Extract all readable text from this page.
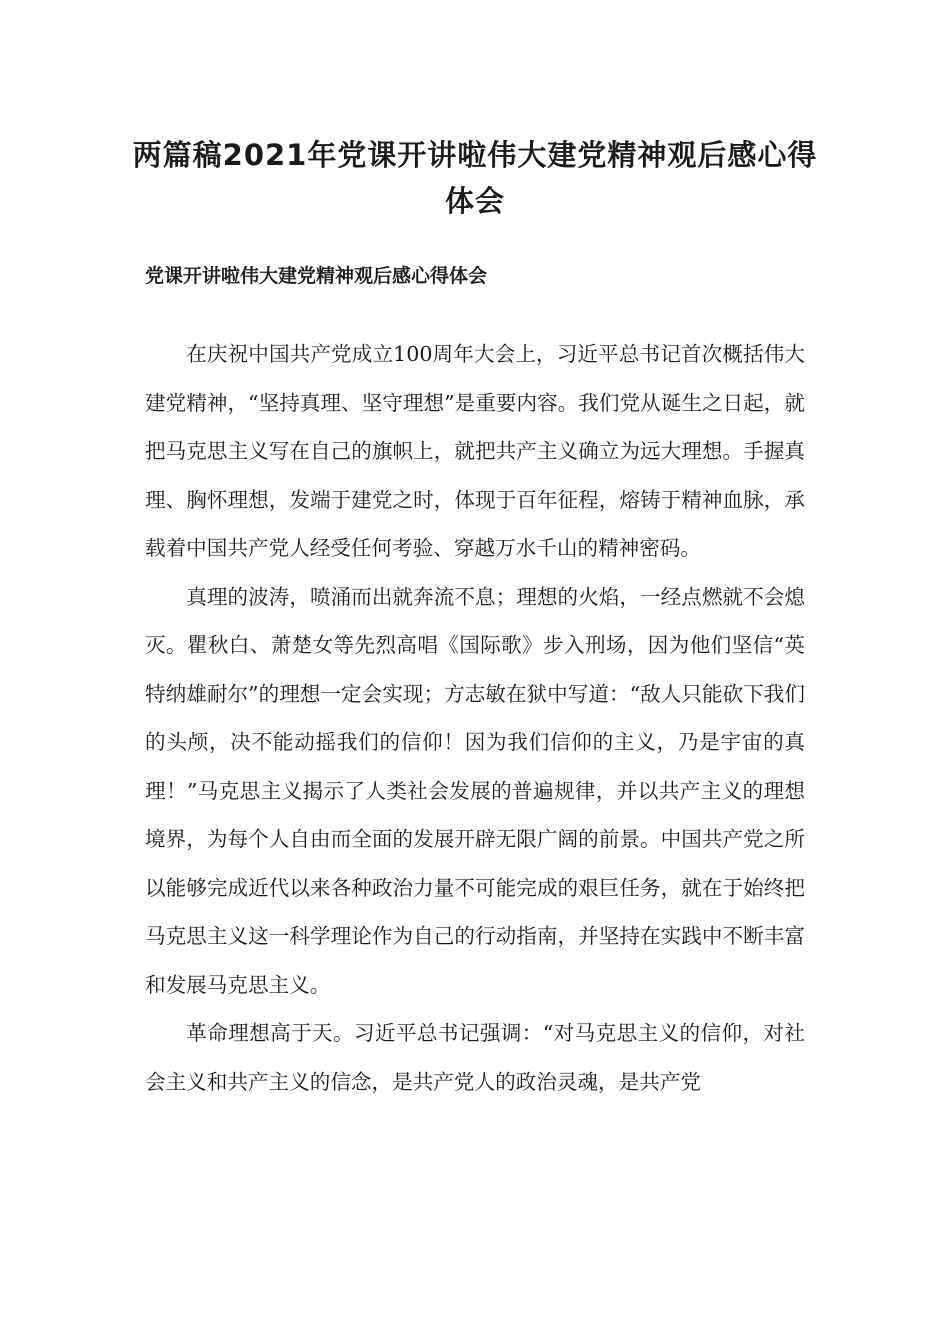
两篇稿2021年党课开讲啦伟大建党精神观后感心得体会
党课开讲啦伟大建党精神观后感心得体会

在庆祝中国共产党成立100周年大会上，习近平总书记首次概括伟大建党精神，“坚持真理、坚守理想”是重要内容。我们党从诞生之日起，就把马克思主义写在自己的旗帜上，就把共产主义确立为远大理想。手握真理、胸怀理想，发端于建党之时，体现于百年征程，熔铸于精神血脉，承载着中国共产党人经受任何考验、穿越万水千山的精神密码。

真理的波涛，喷涌而出就奔流不息；理想的火焰，一经点燃就不会熄灭。瞿秋白、萧楚女等先烈高唱《国际歌》步入刑场，因为他们坚信“英特纳雄耐尔”的理想一定会实现；方志敏在狱中写道：“敌人只能砍下我们的头颅，决不能动摇我们的信仰！因为我们信仰的主义，乃是宇宙的真理！”马克思主义揭示了人类社会发展的普遍规律，并以共产主义的理想境界，为每个人自由而全面的发展开辟无限广阔的前景。中国共产党之所以能够完成近代以来各种政治力量不可能完成的艰巨任务，就在于始终把马克思主义这一科学理论作为自己的行动指南，并坚持在实践中不断丰富和发展马克思主义。

革命理想高于天。习近平总书记强调：“对马克思主义的信仰，对社会主义和共产主义的信念，是共产党人的政治灵魂，是共产党
